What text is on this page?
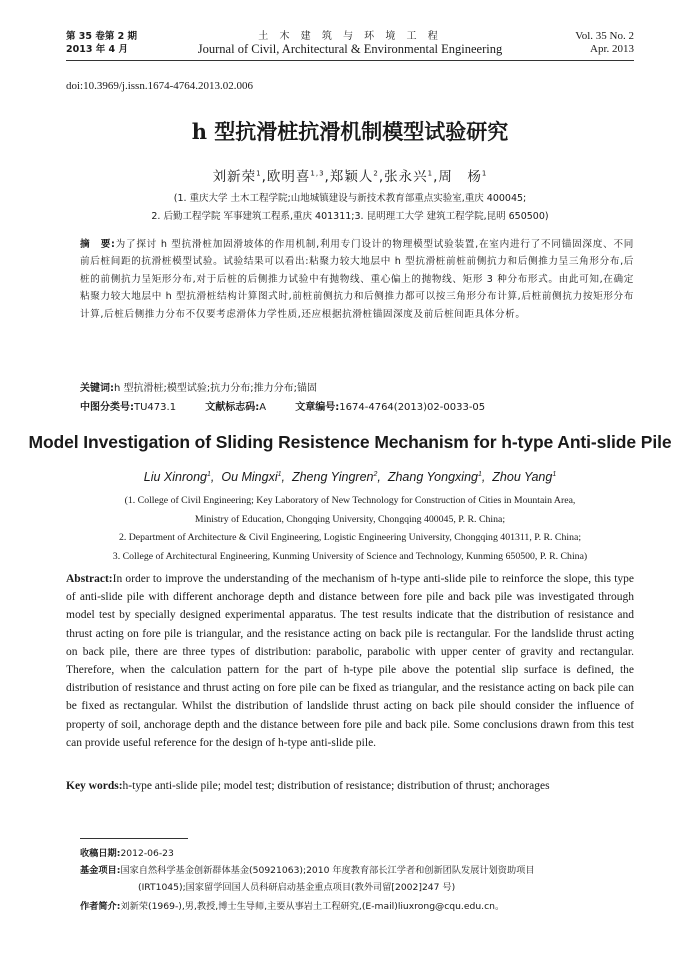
第 35 卷第 2 期
2013 年 4 月
土 木 建 筑 与 环 境 工 程
Journal of Civil, Architectural & Environmental Engineering
Vol. 35 No. 2
Apr. 2013
doi:10.3969/j.issn.1674-4764.2013.02.006
h 型抗滑桩抗滑机制模型试验研究
刘新荣$^1$,欧明喜$^{1,3}$,郑颖人$^2$,张永兴$^1$,周　杨$^1$
(1. 重庆大学 土木工程学院;山地城镇建设与新技术教育部重点实验室,重庆 400045;
2. 后勤工程学院 军事建筑工程系,重庆 401311;3. 昆明理工大学 建筑工程学院,昆明 650500)
摘　要:为了探讨 h 型抗滑桩加固滑坡体的作用机制,利用专门设计的物理模型试验装置,在室内进行了不同锚固深度、不同前后桩间距的抗滑桩模型试验。试验结果可以看出:粘聚力较大地层中 h 型抗滑桩前桩前侧抗力和后侧推力呈三角形分布,后桩的前侧抗力呈矩形分布,对于后桩的后侧推力试验中有抛物线、重心偏上的抛物线、矩形 3 种分布形式。由此可知,在确定粘聚力较大地层中 h 型抗滑桩结构计算图式时,前桩前侧抗力和后侧推力都可以按三角形分布计算,后桩前侧抗力按矩形分布计算,后桩后侧推力分布不仅要考虑滑体力学性质,还应根据抗滑桩锚固深度及前后桩间距具体分析。
关键词:h 型抗滑桩;模型试验;抗力分布;推力分布;锚固
中图分类号:TU473.1	文献标志码:A	文章编号:1674-4764(2013)02-0033-05
Model Investigation of Sliding Resistence Mechanism for h-type Anti-slide Pile
Liu Xinrong$^1$,  Ou Mingxi$^1$,  Zheng Yingren$^2$,  Zhang Yongxing$^1$,  Zhou Yang$^1$
(1. College of Civil Engineering; Key Laboratory of New Technology for Construction of Cities in Mountain Area,
Ministry of Education, Chongqing University, Chongqing 400045, P. R. China;
2. Department of Architecture & Civil Engineering, Logistic Engineering University, Chongqing 401311, P. R. China;
3. College of Architectural Engineering, Kunming University of Science and Technology, Kunming 650500, P. R. China)
Abstract:In order to improve the understanding of the mechanism of h-type anti-slide pile to reinforce the slope, this type of anti-slide pile with different anchorage depth and distance between fore pile and back pile was investigated through model test by specially designed experimental apparatus. The test results indicate that the distribution of resistance and thrust acting on fore pile is triangular, and the resistance acting on back pile is rectangular. For the landslide thrust acting on back pile, there are three types of distribution: parabolic, parabolic with upper center of gravity and rectangular. Therefore, when the calculation pattern for the part of h-type pile above the potential slip surface is defined, the distribution of resistance and thrust acting on fore pile can be fixed as triangular, and the resistance acting on back pile can be fixed as rectangular. Whilst the distribution of landslide thrust acting on back pile should consider the influence of property of soil, anchorage depth and the distance between fore pile and back pile. Some conclusions drawn from this test can provide useful reference for the design of h-type anti-slide pile.
Key words:h-type anti-slide pile; model test; distribution of resistance; distribution of thrust; anchorages
收稿日期:2012-06-23
基金项目:国家自然科学基金创新群体基金(50921063);2010 年度教育部长江学者和创新团队发展计划资助项目
(IRT1045);国家留学回国人员科研启动基金重点项目(教外司留[2002]247 号)
作者简介:刘新荣(1969-),男,教授,博士生导师,主要从事岩土工程研究,(E-mail)liuxrong@cqu.edu.cn。
